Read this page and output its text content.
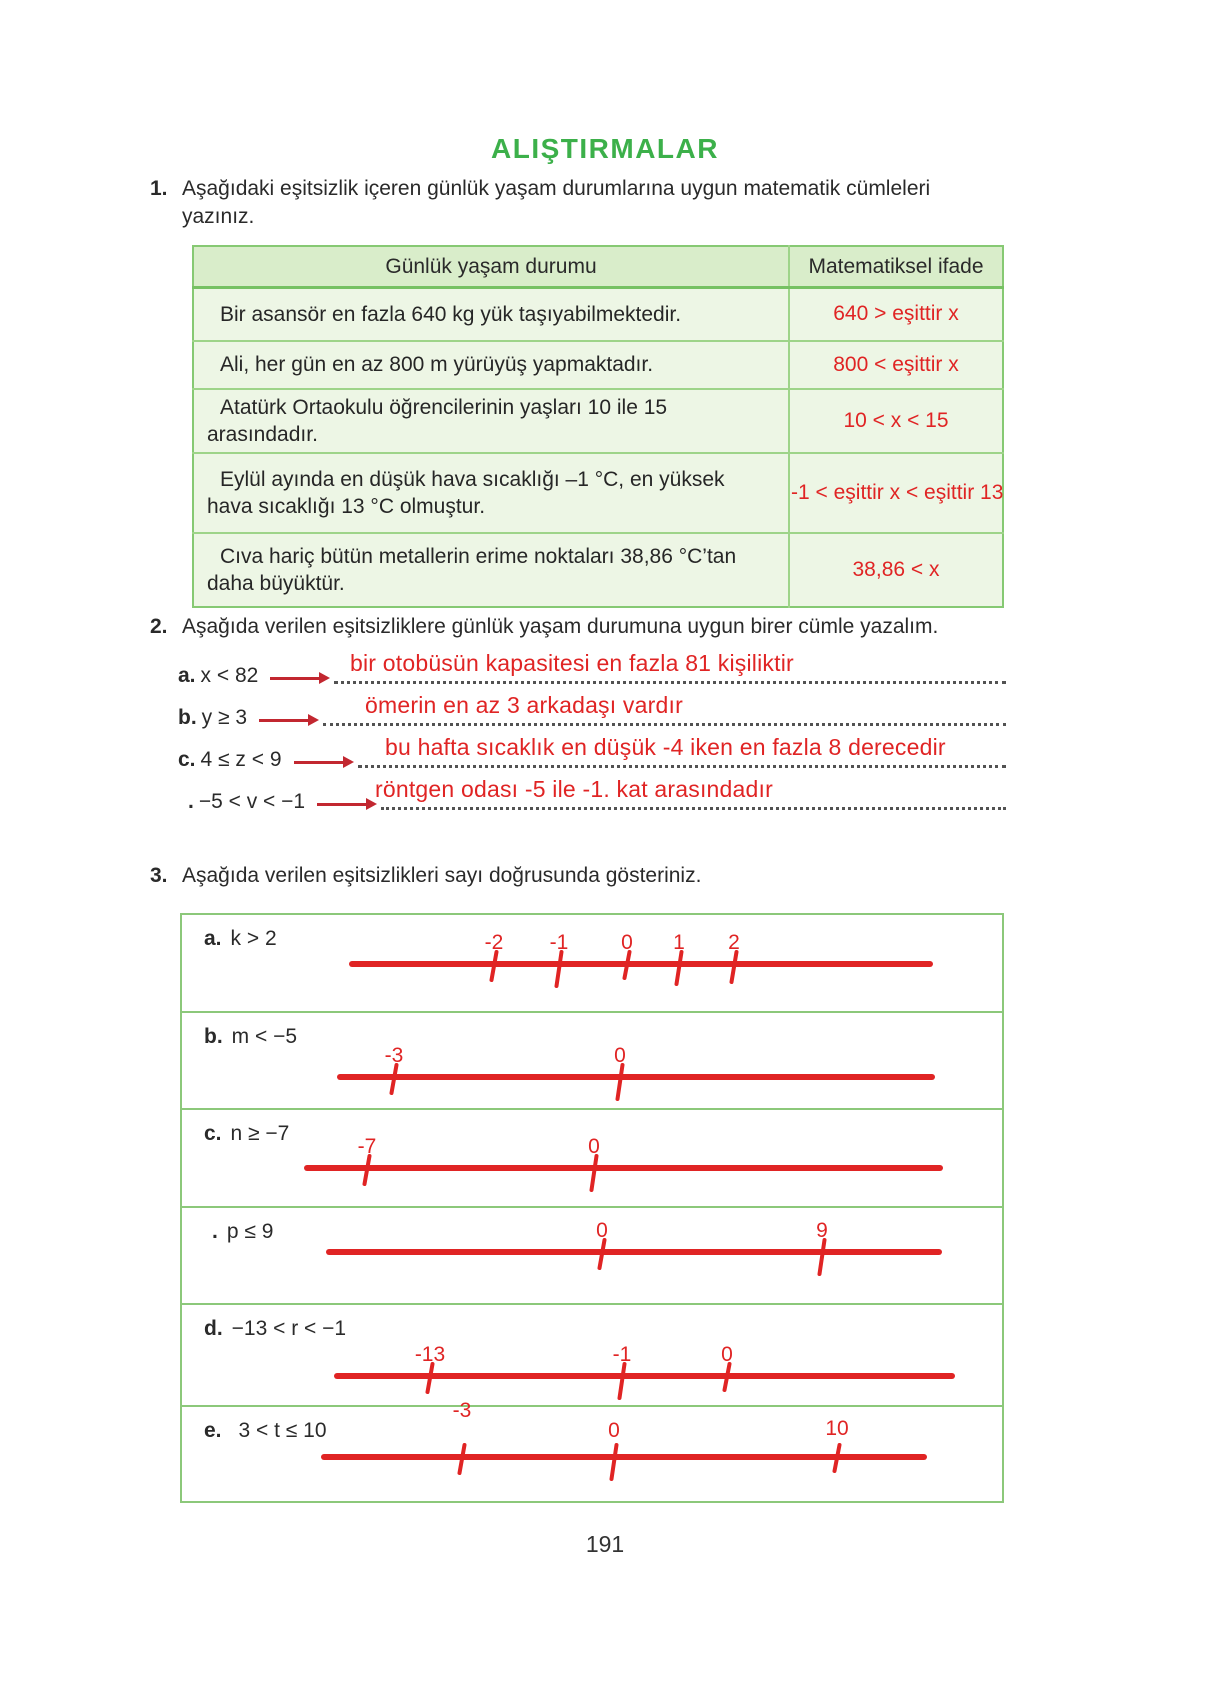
ALIŞTIRMALAR
1. Aşağıdaki eşitsizlik içeren günlük yaşam durumlarına uygun matematik cümleleri yazınız.
Günlük yaşam durumu	Matematiksel ifade
Bir asansör en fazla 640 kg yük taşıyabilmektedir.	640 > eşittir x
Ali, her gün en az 800 m yürüyüş yapmaktadır.	800 < eşittir x
Atatürk Ortaokulu öğrencilerinin yaşları 10 ile 15 arasındadır.	10 < x < 15
Eylül ayında en düşük hava sıcaklığı –1 °C, en yüksek hava sıcaklığı 13 °C olmuştur.	-1 < eşittir x < eşittir 13
Cıva hariç bütün metallerin erime noktaları 38,86 °C’tan daha büyüktür.	38,86 < x
2. Aşağıda verilen eşitsizliklere günlük yaşam durumuna uygun birer cümle yazalım.
a. x < 82	bir otobüsün kapasitesi en fazla 81 kişiliktir
b. y ≥ 3	ömerin en az 3 arkadaşı vardır
c. 4 ≤ z < 9	bu hafta sıcaklık en düşük -4 iken en fazla 8 derecedir
. −5 < v < −1	röntgen odası -5 ile -1. kat arasındadır
3. Aşağıda verilen eşitsizlikleri sayı doğrusunda gösteriniz.
a. k > 2	-2 -1	0 1 2
b. m < −5
-3	0
c. n ≥ −7
-7	0
. p ≤ 9	0	9
d. −13 < r < −1
-13	-1	0
e. 3 < t ≤ 10
-3
0	10
191
